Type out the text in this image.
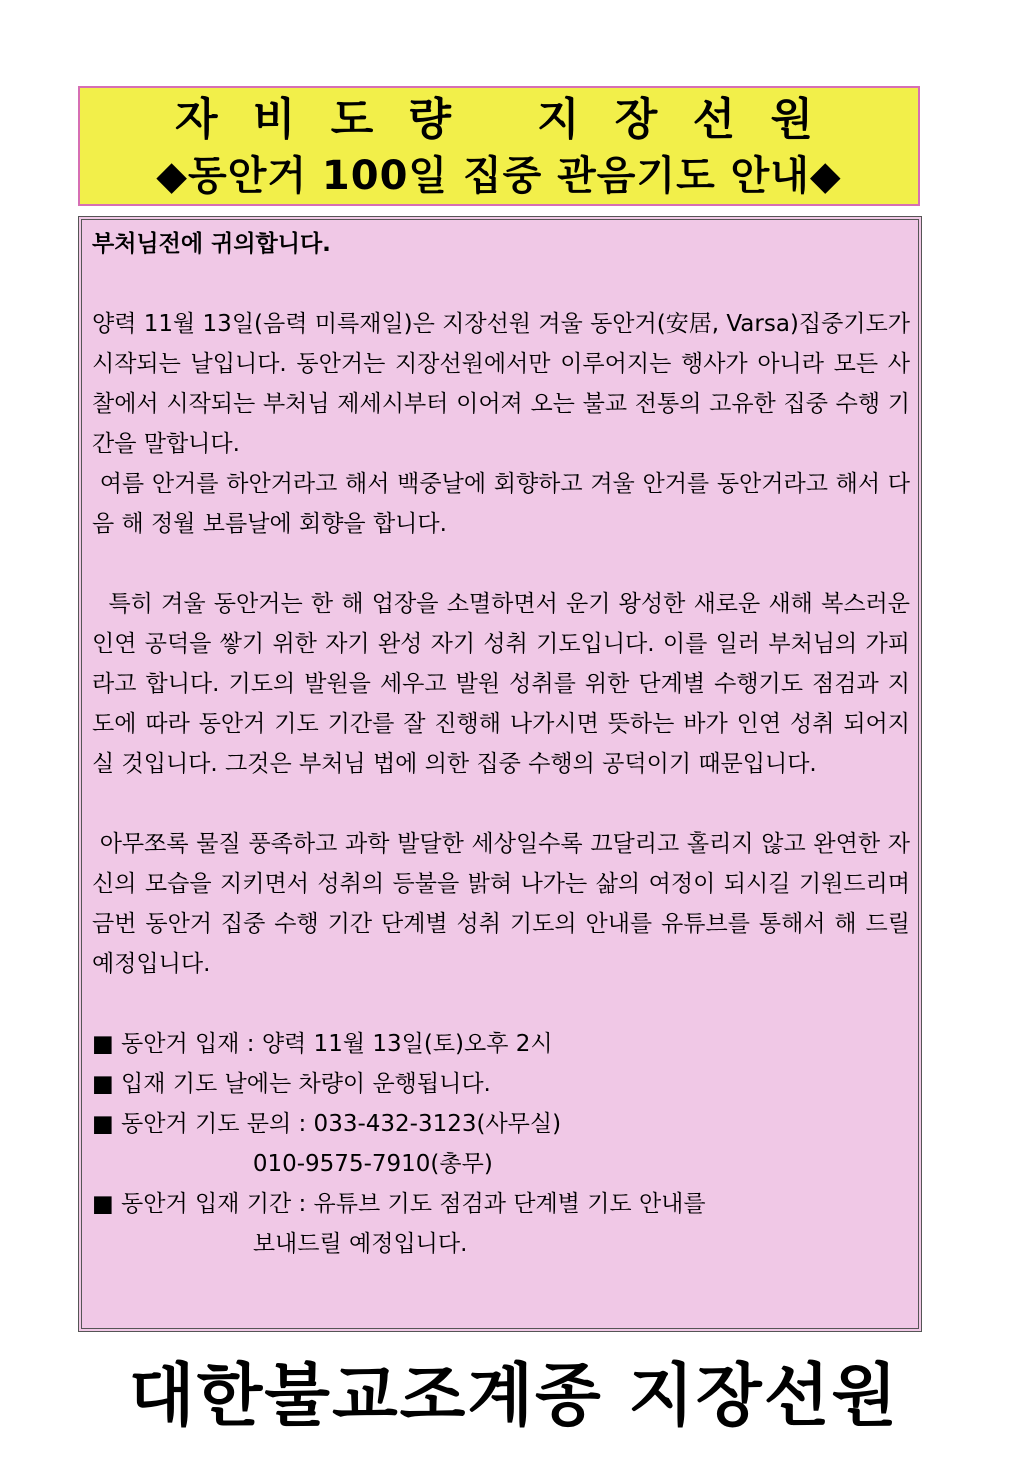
자 비 도 량   지 장 선 원
◆동안거 100일 집중 관음기도 안내◆

부처님전에 귀의합니다.

양력 11월 13일(음력 미륵재일)은 지장선원 겨울 동안거(安居, Varsa)집중기도가 시작되는 날입니다. 동안거는 지장선원에서만 이루어지는 행사가 아니라 모든 사찰에서 시작되는 부처님 제세시부터 이어져 오는 불교 전통의 고유한 집중 수행 기간을 말합니다.

여름 안거를 하안거라고 해서 백중날에 회향하고 겨울 안거를 동안거라고 해서 다음 해 정월 보름날에 회향을 합니다.

특히 겨울 동안거는 한 해 업장을 소멸하면서 운기 왕성한 새로운 새해 복스러운 인연 공덕을 쌓기 위한 자기 완성 자기 성취 기도입니다. 이를 일러 부처님의 가피라고 합니다. 기도의 발원을 세우고 발원 성취를 위한 단계별 수행기도 점검과 지도에 따라 동안거 기도 기간를 잘 진행해 나가시면 뜻하는 바가 인연 성취 되어지실 것입니다. 그것은 부처님 법에 의한 집중 수행의 공덕이기 때문입니다.

아무쪼록 물질 풍족하고 과학 발달한 세상일수록 끄달리고 홀리지 않고 완연한 자신의 모습을 지키면서 성취의 등불을 밝혀 나가는 삶의 여정이 되시길 기원드리며 금번 동안거 집중 수행 기간 단계별 성취 기도의 안내를 유튜브를 통해서 해 드릴 예정입니다.

■ 동안거 입재 : 양력 11월 13일(토)오후 2시

■ 입재 기도 날에는 차량이 운행됩니다.

■ 동안거 기도 문의 : 033-432-3123(사무실)

010-9575-7910(총무)

■ 동안거 입재 기간 : 유튜브 기도 점검과 단계별 기도 안내를

보내드릴 예정입니다.

대한불교조계종 지장선원
